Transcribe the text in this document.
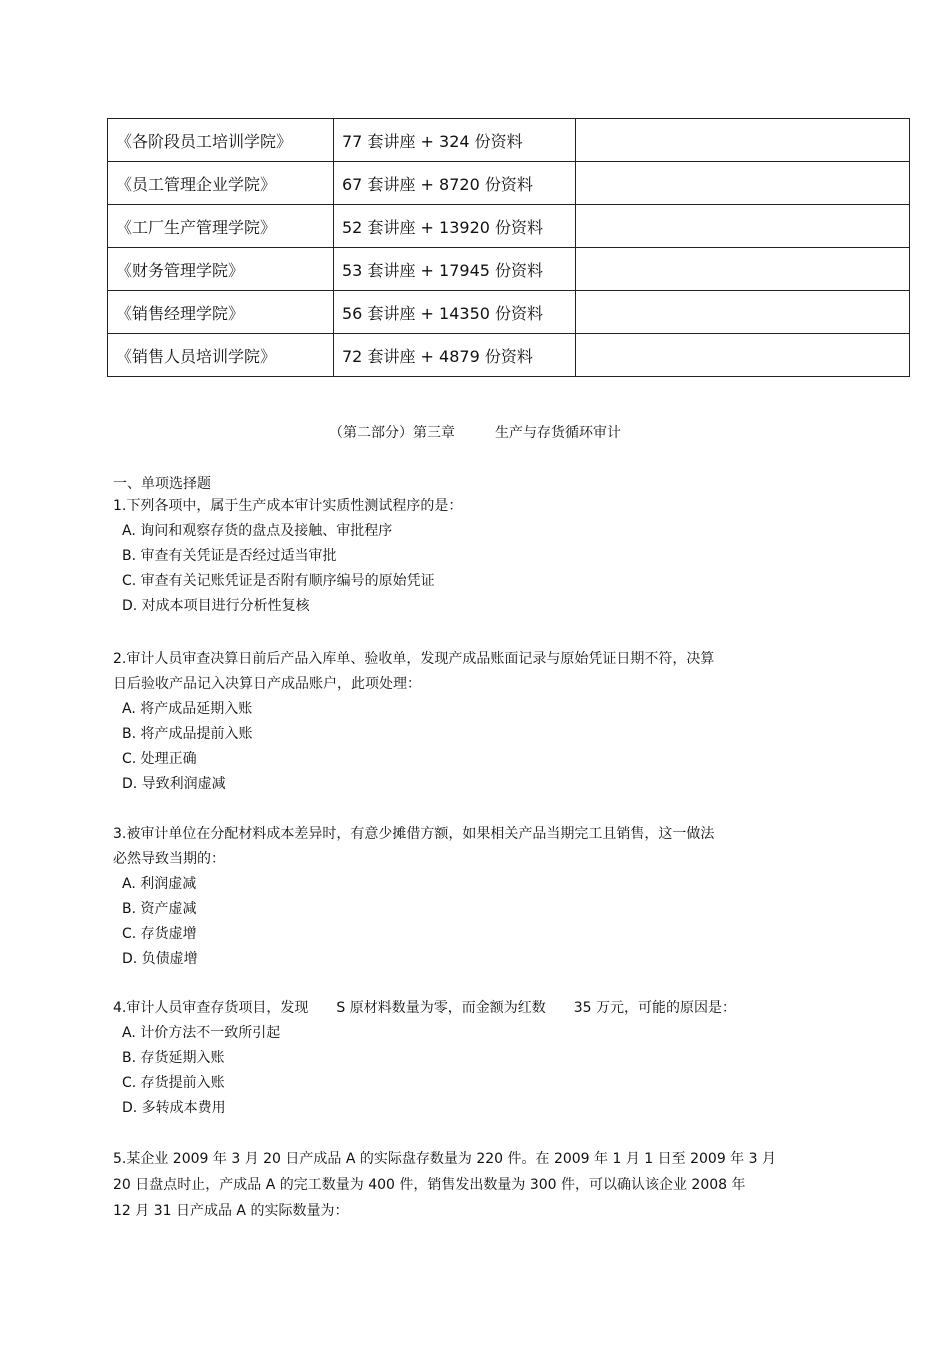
《各阶段员工培训学院》	77 套讲座 + 324 份资料	
《员工管理企业学院》	67 套讲座 + 8720 份资料	
《工厂生产管理学院》	52 套讲座 + 13920 份资料	
《财务管理学院》	53 套讲座 + 17945 份资料	
《销售经理学院》	56 套讲座 + 14350 份资料	
《销售人员培训学院》	72 套讲座 + 4879 份资料	
（第二部分）第三章	生产与存货循环审计
一、单项选择题

1.下列各项中，属于生产成本审计实质性测试程序的是：

A. 询问和观察存货的盘点及接触、审批程序

B. 审查有关凭证是否经过适当审批

C. 审查有关记账凭证是否附有顺序编号的原始凭证

D. 对成本项目进行分析性复核

2.审计人员审查决算日前后产品入库单、验收单，发现产成品账面记录与原始凭证日期不符，决算

日后验收产品记入决算日产成品账户，此项处理：

A. 将产成品延期入账

B. 将产成品提前入账

C. 处理正确

D. 导致利润虚减

3.被审计单位在分配材料成本差异时，有意少摊借方额，如果相关产品当期完工且销售，这一做法

必然导致当期的：

A. 利润虚减

B. 资产虚减

C. 存货虚增

D. 负债虚增

4.审计人员审查存货项目，发现　　S 原材料数量为零，而金额为红数　　35 万元，可能的原因是：

A. 计价方法不一致所引起

B. 存货延期入账

C. 存货提前入账

D. 多转成本费用

5.某企业 2009 年 3 月 20 日产成品 A 的实际盘存数量为 220 件。在 2009 年 1 月 1 日至 2009 年 3 月

20 日盘点时止，产成品 A 的完工数量为 400 件，销售发出数量为 300 件，可以确认该企业 2008 年

12 月 31 日产成品 A 的实际数量为：
